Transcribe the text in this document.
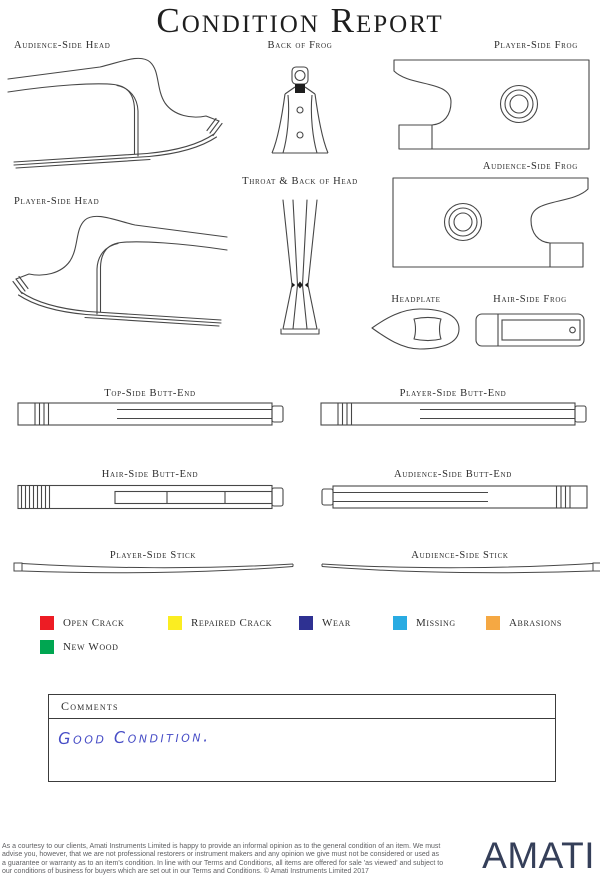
Condition Report
Audience-Side Head	Back of Frog	Player-Side Frog
Audience-Side Frog
Player-Side Head
Throat & Back of Head
Headplate	Hair-Side Frog
Top-Side Butt-End	Player-Side Butt-End
Hair-Side Butt-End	Audience-Side Butt-End
Player-Side Stick	Audience-Side Stick
Open Crack	Repaired Crack	Wear	Missing	Abrasions
New Wood
Comments
Good Condition.
As a courtesy to our clients, Amati Instruments Limited is happy to provide an informal opinion as to the general condition of an item. We must
advise you, however, that we are not professional restorers or instrument makers and any opinion we give must not be considered or used as
a guarantee or warranty as to an item's condition. In line with our Terms and Conditions, all items are offered for sale 'as viewed' and subject to
our conditions of business for buyers which are set out in our Terms and Conditions. © Amati Instruments Limited 2017	AMATI
